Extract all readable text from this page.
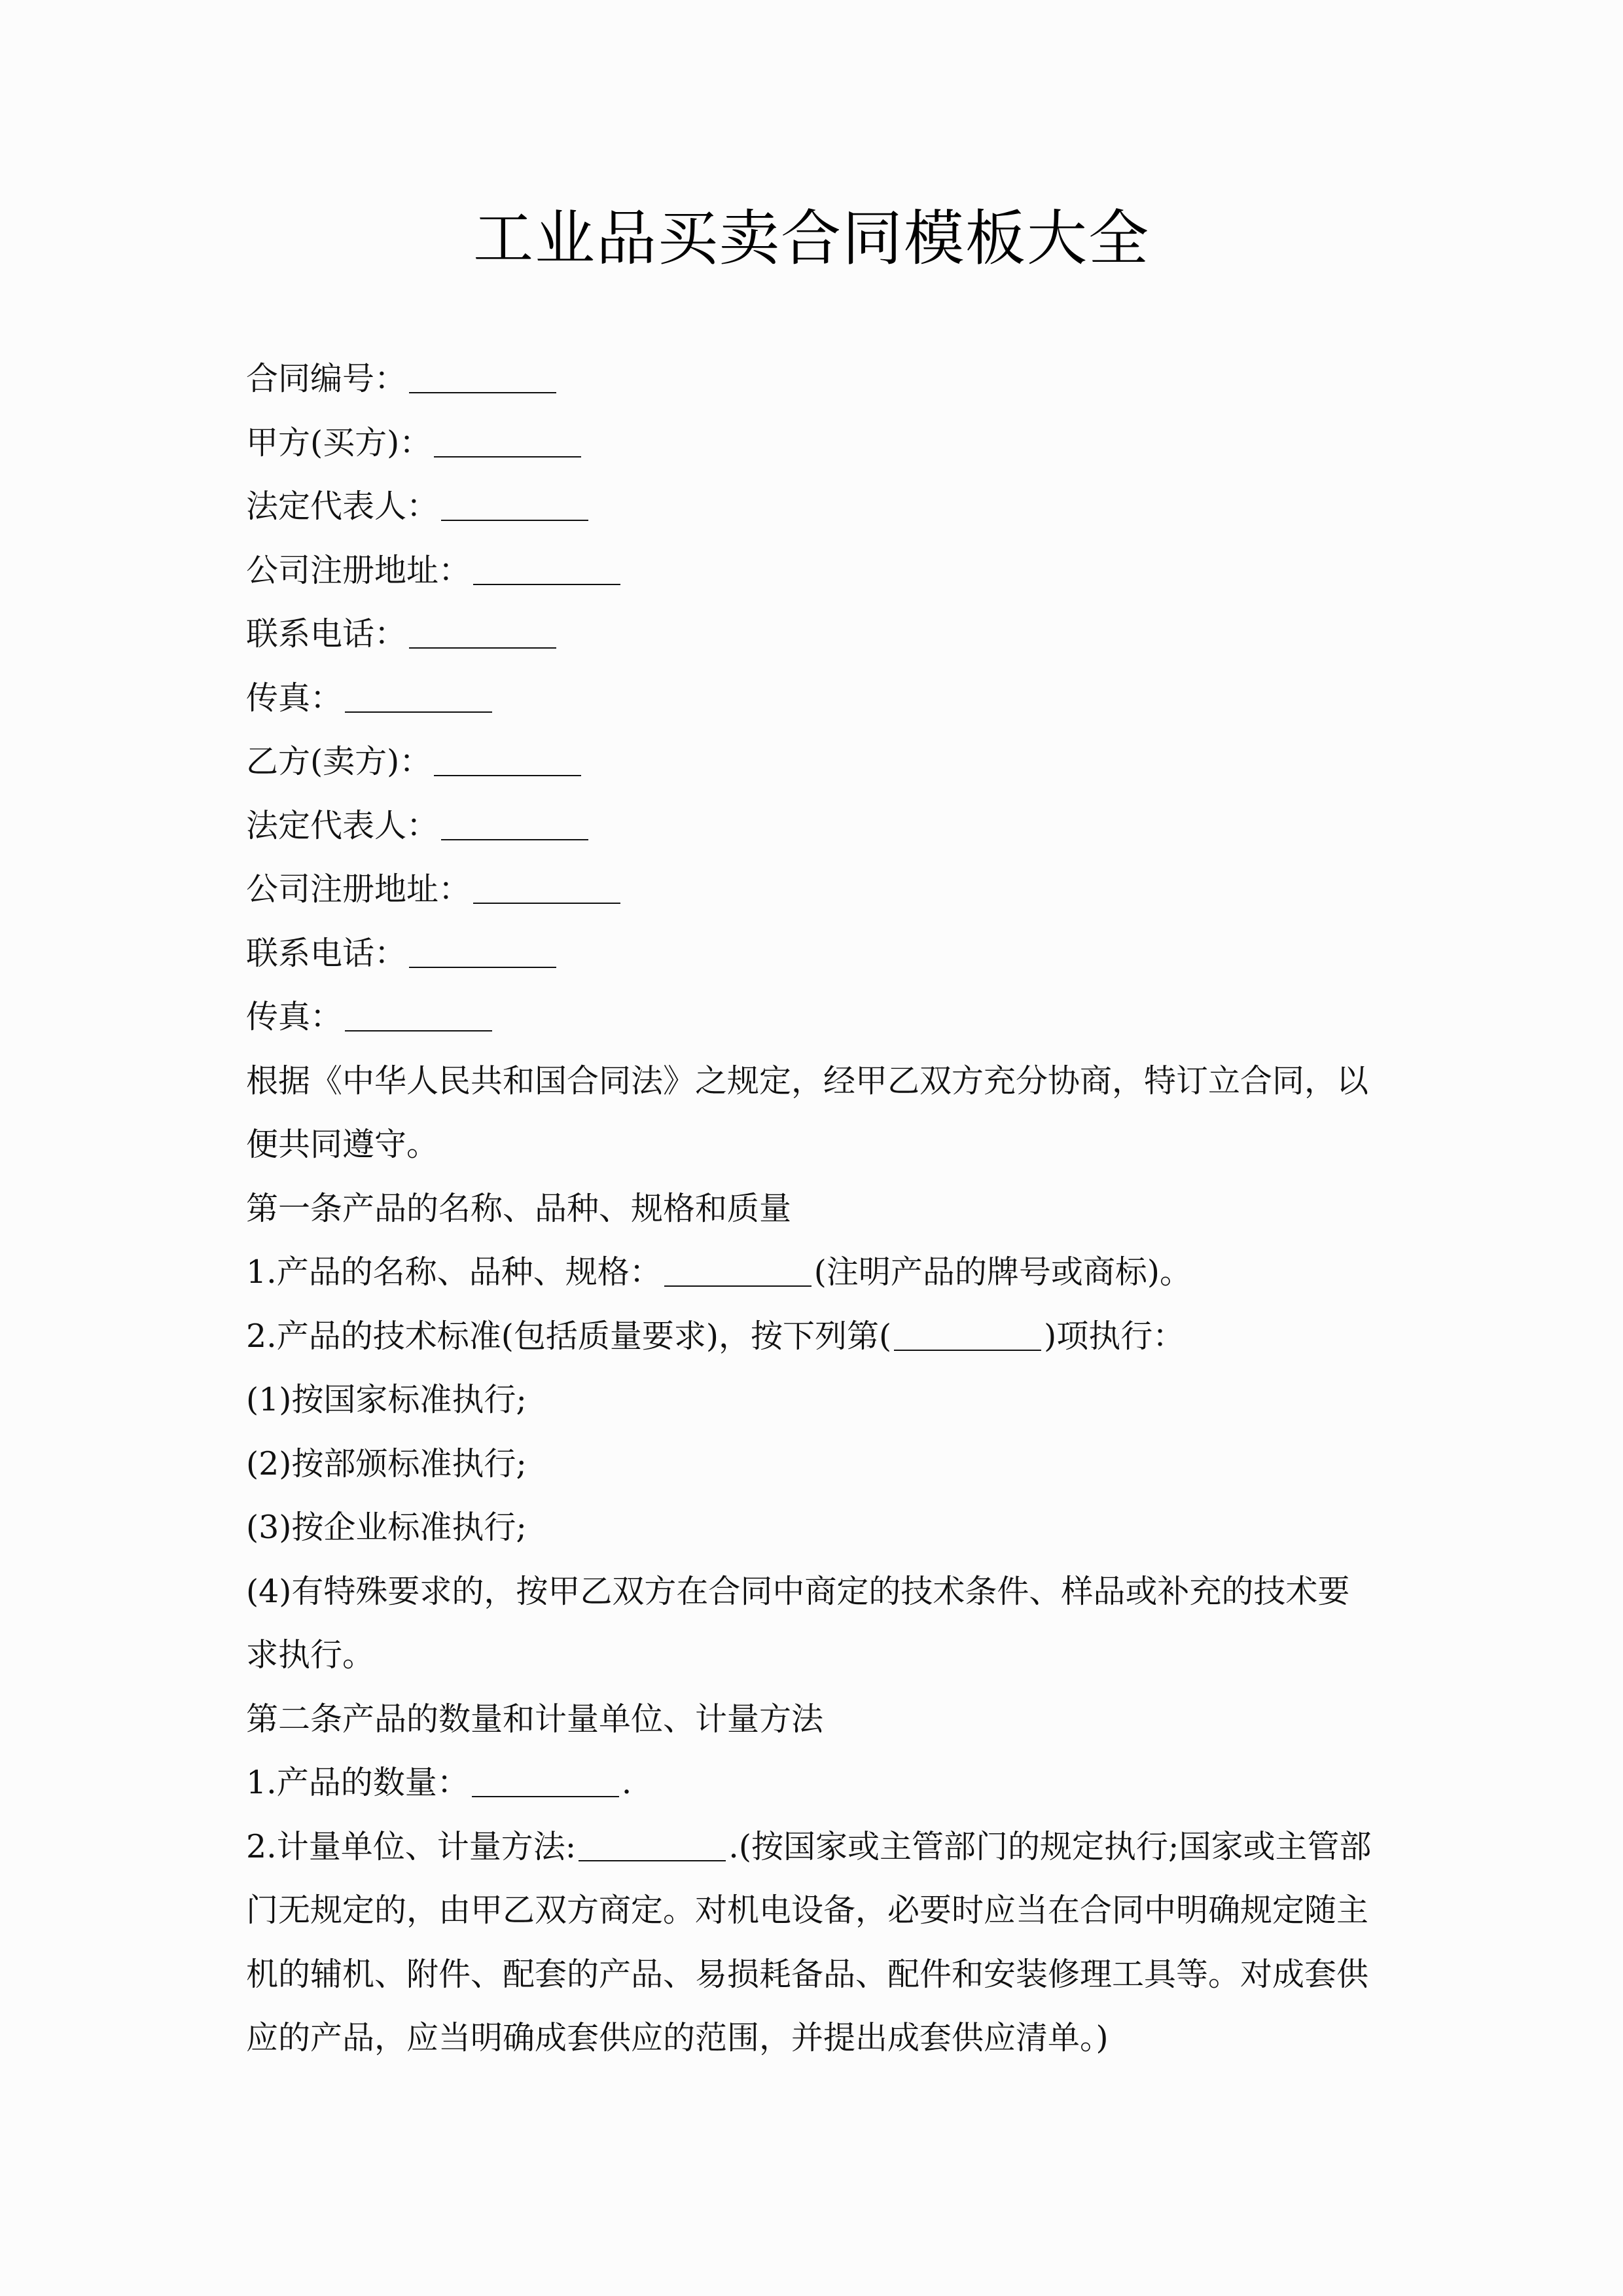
工业品买卖合同模板大全
合同编号：
甲方(买方)：
法定代表人：
公司注册地址：
联系电话：
传真：
乙方(卖方)：
法定代表人：
公司注册地址：
联系电话：
传真：
根据《中华人民共和国合同法》之规定，经甲乙双方充分协商，特订立合同，以便共同遵守。
第一条产品的名称、品种、规格和质量
1.产品的名称、品种、规格：	(注明产品的牌号或商标)。
2.产品的技术标准(包括质量要求)，按下列第(	)项执行：
(1)按国家标准执行;
(2)按部颁标准执行;
(3)按企业标准执行;
(4)有特殊要求的，按甲乙双方在合同中商定的技术条件、样品或补充的技术要求执行。
第二条产品的数量和计量单位、计量方法
1.产品的数量：	.
2.计量单位、计量方法:	.(按国家或主管部门的规定执行;国家或主管部门无规定的，由甲乙双方商定。对机电设备，必要时应当在合同中明确规定随主机的辅机、附件、配套的产品、易损耗备品、配件和安装修理工具等。对成套供应的产品，应当明确成套供应的范围，并提出成套供应清单。)
